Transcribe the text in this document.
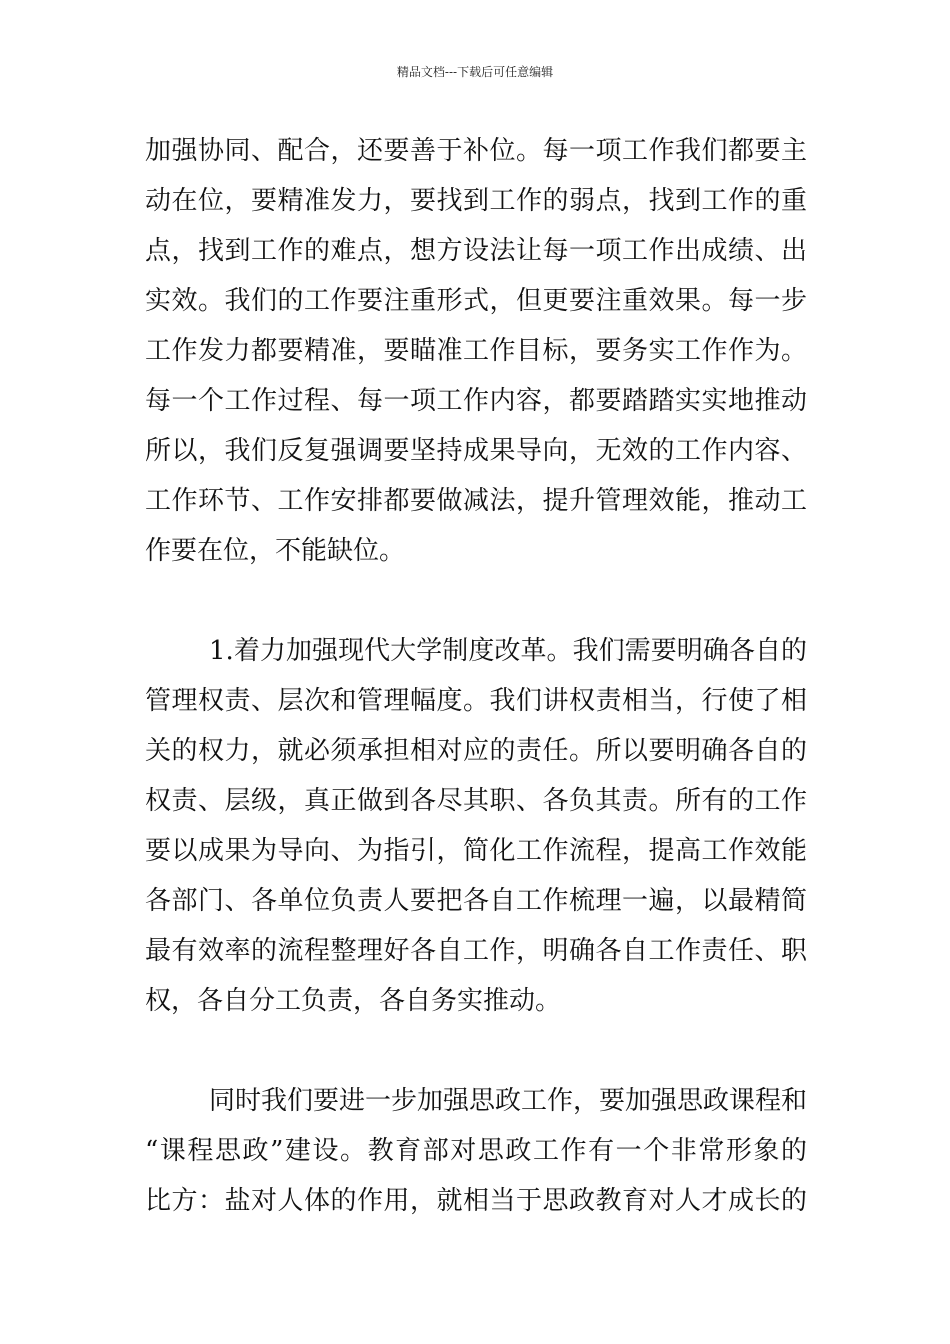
精品文档---下载后可任意编辑
加强协同、配合，还要善于补位。每一项工作我们都要主
动在位，要精准发力，要找到工作的弱点，找到工作的重
点，找到工作的难点，想方设法让每一项工作出成绩、出
实效。我们的工作要注重形式，但更要注重效果。每一步
工作发力都要精准，要瞄准工作目标，要务实工作作为。
每一个工作过程、每一项工作内容，都要踏踏实实地推动
所以，我们反复强调要坚持成果导向，无效的工作内容、
工作环节、工作安排都要做减法，提升管理效能，推动工
作要在位，不能缺位。
1.着力加强现代大学制度改革。我们需要明确各自的
管理权责、层次和管理幅度。我们讲权责相当，行使了相
关的权力，就必须承担相对应的责任。所以要明确各自的
权责、层级，真正做到各尽其职、各负其责。所有的工作
要以成果为导向、为指引，简化工作流程，提高工作效能
各部门、各单位负责人要把各自工作梳理一遍，以最精简
最有效率的流程整理好各自工作，明确各自工作责任、职
权，各自分工负责，各自务实推动。
同时我们要进一步加强思政工作，要加强思政课程和
“课程思政”建设。教育部对思政工作有一个非常形象的
比方：盐对人体的作用，就相当于思政教育对人才成长的
